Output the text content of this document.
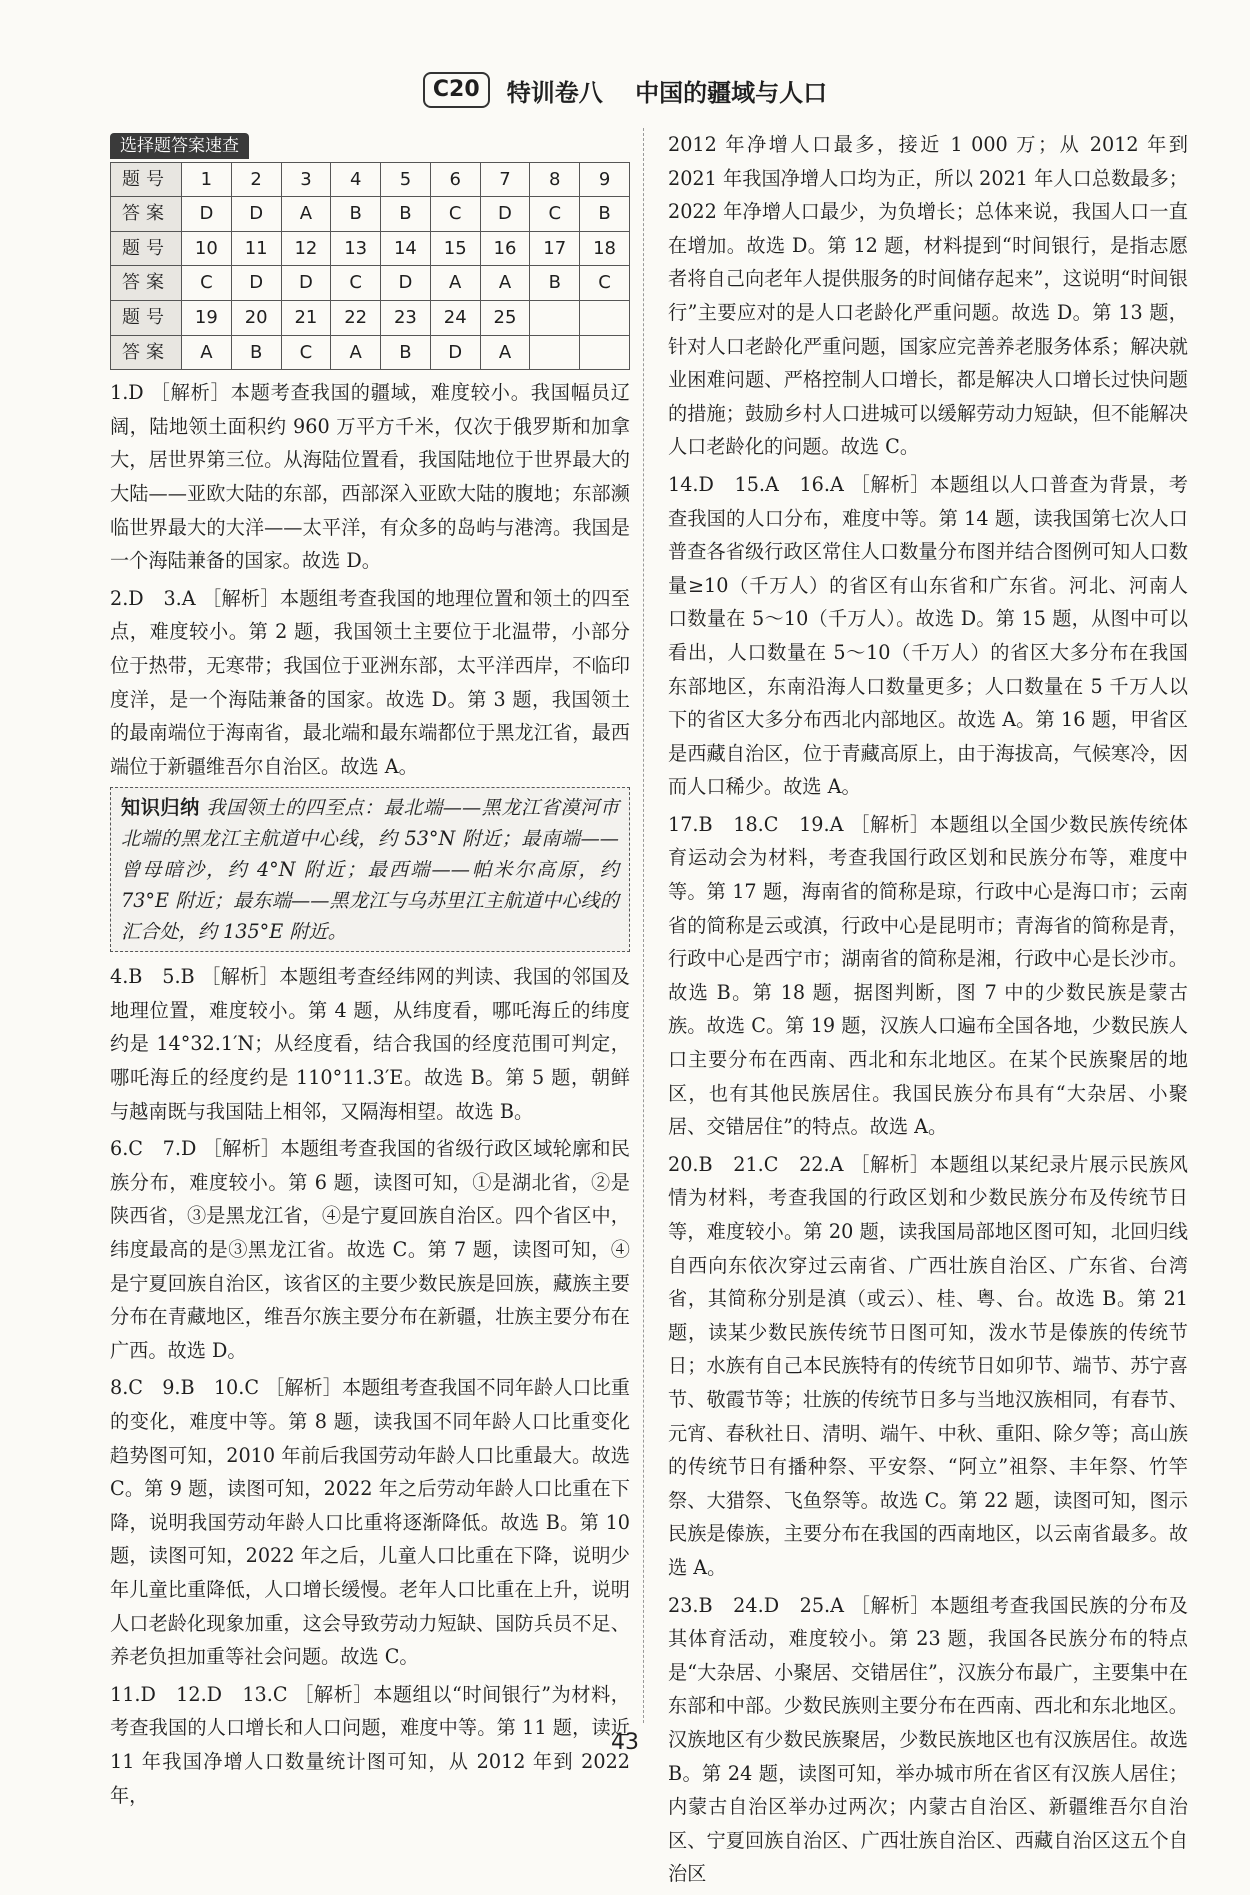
C20 特训卷八 中国的疆域与人口
选择题答案速查
题号	1	2	3	4	5	6	7	8	9
答案	D	D	A	B	B	C	D	C	B
题号	10	11	12	13	14	15	16	17	18
答案	C	D	D	C	D	A	A	B	C
题号	19	20	21	22	23	24	25		
答案	A	B	C	A	B	D	A		

1.D ［解析］本题考查我国的疆域，难度较小。我国幅员辽阔，陆地领土面积约 960 万平方千米，仅次于俄罗斯和加拿大，居世界第三位。从海陆位置看，我国陆地位于世界最大的大陆——亚欧大陆的东部，西部深入亚欧大陆的腹地；东部濒临世界最大的大洋——太平洋，有众多的岛屿与港湾。我国是一个海陆兼备的国家。故选 D。

2.D　3.A ［解析］本题组考查我国的地理位置和领土的四至点，难度较小。第 2 题，我国领土主要位于北温带，小部分位于热带，无寒带；我国位于亚洲东部，太平洋西岸，不临印度洋，是一个海陆兼备的国家。故选 D。第 3 题，我国领土的最南端位于海南省，最北端和最东端都位于黑龙江省，最西端位于新疆维吾尔自治区。故选 A。

知识归纳 我国领土的四至点：最北端——黑龙江省漠河市北端的黑龙江主航道中心线，约 53°N 附近；最南端——曾母暗沙，约 4°N 附近；最西端——帕米尔高原，约 73°E 附近；最东端——黑龙江与乌苏里江主航道中心线的汇合处，约 135°E 附近。

4.B　5.B ［解析］本题组考查经纬网的判读、我国的邻国及地理位置，难度较小。第 4 题，从纬度看，哪吒海丘的纬度约是 14°32.1′N；从经度看，结合我国的经度范围可判定，哪吒海丘的经度约是 110°11.3′E。故选 B。第 5 题，朝鲜与越南既与我国陆上相邻，又隔海相望。故选 B。

6.C　7.D ［解析］本题组考查我国的省级行政区域轮廓和民族分布，难度较小。第 6 题，读图可知，①是湖北省，②是陕西省，③是黑龙江省，④是宁夏回族自治区。四个省区中，纬度最高的是③黑龙江省。故选 C。第 7 题，读图可知，④是宁夏回族自治区，该省区的主要少数民族是回族，藏族主要分布在青藏地区，维吾尔族主要分布在新疆，壮族主要分布在广西。故选 D。

8.C　9.B　10.C ［解析］本题组考查我国不同年龄人口比重的变化，难度中等。第 8 题，读我国不同年龄人口比重变化趋势图可知，2010 年前后我国劳动年龄人口比重最大。故选 C。第 9 题，读图可知，2022 年之后劳动年龄人口比重在下降，说明我国劳动年龄人口比重将逐渐降低。故选 B。第 10 题，读图可知，2022 年之后，儿童人口比重在下降，说明少年儿童比重降低，人口增长缓慢。老年人口比重在上升，说明人口老龄化现象加重，这会导致劳动力短缺、国防兵员不足、养老负担加重等社会问题。故选 C。

11.D　12.D　13.C ［解析］本题组以“时间银行”为材料，考查我国的人口增长和人口问题，难度中等。第 11 题，读近 11 年我国净增人口数量统计图可知，从 2012 年到 2022 年，

2012 年净增人口最多，接近 1 000 万；从 2012 年到 2021 年我国净增人口均为正，所以 2021 年人口总数最多；2022 年净增人口最少，为负增长；总体来说，我国人口一直在增加。故选 D。第 12 题，材料提到“时间银行，是指志愿者将自己向老年人提供服务的时间储存起来”，这说明“时间银行”主要应对的是人口老龄化严重问题。故选 D。第 13 题，针对人口老龄化严重问题，国家应完善养老服务体系；解决就业困难问题、严格控制人口增长，都是解决人口增长过快问题的措施；鼓励乡村人口进城可以缓解劳动力短缺，但不能解决人口老龄化的问题。故选 C。

14.D　15.A　16.A ［解析］本题组以人口普查为背景，考查我国的人口分布，难度中等。第 14 题，读我国第七次人口普查各省级行政区常住人口数量分布图并结合图例可知人口数量≥10（千万人）的省区有山东省和广东省。河北、河南人口数量在 5～10（千万人）。故选 D。第 15 题，从图中可以看出，人口数量在 5～10（千万人）的省区大多分布在我国东部地区，东南沿海人口数量更多；人口数量在 5 千万人以下的省区大多分布西北内部地区。故选 A。第 16 题，甲省区是西藏自治区，位于青藏高原上，由于海拔高，气候寒冷，因而人口稀少。故选 A。

17.B　18.C　19.A ［解析］本题组以全国少数民族传统体育运动会为材料，考查我国行政区划和民族分布等，难度中等。第 17 题，海南省的简称是琼，行政中心是海口市；云南省的简称是云或滇，行政中心是昆明市；青海省的简称是青，行政中心是西宁市；湖南省的简称是湘，行政中心是长沙市。故选 B。第 18 题，据图判断，图 7 中的少数民族是蒙古族。故选 C。第 19 题，汉族人口遍布全国各地，少数民族人口主要分布在西南、西北和东北地区。在某个民族聚居的地区，也有其他民族居住。我国民族分布具有“大杂居、小聚居、交错居住”的特点。故选 A。

20.B　21.C　22.A ［解析］本题组以某纪录片展示民族风情为材料，考查我国的行政区划和少数民族分布及传统节日等，难度较小。第 20 题，读我国局部地区图可知，北回归线自西向东依次穿过云南省、广西壮族自治区、广东省、台湾省，其简称分别是滇（或云）、桂、粤、台。故选 B。第 21 题，读某少数民族传统节日图可知，泼水节是傣族的传统节日；水族有自己本民族特有的传统节日如卯节、端节、苏宁喜节、敬霞节等；壮族的传统节日多与当地汉族相同，有春节、元宵、春秋社日、清明、端午、中秋、重阳、除夕等；高山族的传统节日有播种祭、平安祭、“阿立”祖祭、丰年祭、竹竿祭、大猎祭、飞鱼祭等。故选 C。第 22 题，读图可知，图示民族是傣族，主要分布在我国的西南地区，以云南省最多。故选 A。

23.B　24.D　25.A ［解析］本题组考查我国民族的分布及其体育活动，难度较小。第 23 题，我国各民族分布的特点是“大杂居、小聚居、交错居住”，汉族分布最广，主要集中在东部和中部。少数民族则主要分布在西南、西北和东北地区。汉族地区有少数民族聚居，少数民族地区也有汉族居住。故选 B。第 24 题，读图可知，举办城市所在省区有汉族人居住；内蒙古自治区举办过两次；内蒙古自治区、新疆维吾尔自治区、宁夏回族自治区、广西壮族自治区、西藏自治区这五个自治区

43
